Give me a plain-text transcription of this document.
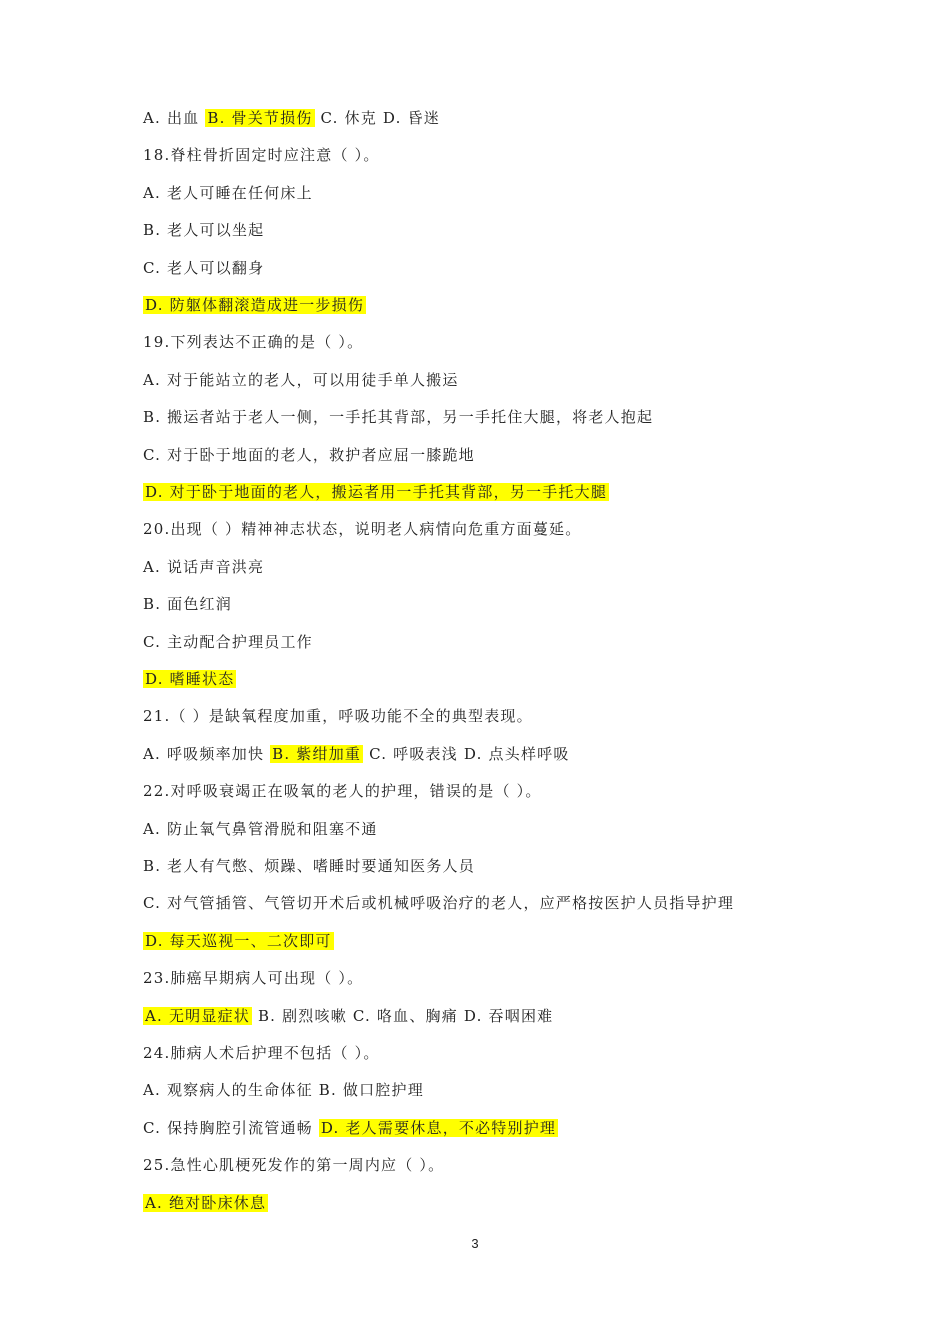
A. 出血 B. 骨关节损伤 C. 休克 D. 昏迷
18.脊柱骨折固定时应注意（ ）。
A. 老人可睡在任何床上
B. 老人可以坐起
C. 老人可以翻身
D. 防躯体翻滚造成进一步损伤
19.下列表达不正确的是（ ）。
A. 对于能站立的老人，可以用徒手单人搬运
B. 搬运者站于老人一侧，一手托其背部，另一手托住大腿，将老人抱起
C. 对于卧于地面的老人，救护者应屈一膝跪地
D. 对于卧于地面的老人，搬运者用一手托其背部，另一手托大腿
20.出现（ ）精神神志状态，说明老人病情向危重方面蔓延。
A. 说话声音洪亮
B. 面色红润
C. 主动配合护理员工作
D. 嗜睡状态
21.（ ）是缺氧程度加重，呼吸功能不全的典型表现。
A. 呼吸频率加快 B. 紫绀加重 C. 呼吸表浅 D. 点头样呼吸
22.对呼吸衰竭正在吸氧的老人的护理，错误的是（ ）。
A. 防止氧气鼻管滑脱和阻塞不通
B. 老人有气憋、烦躁、嗜睡时要通知医务人员
C. 对气管插管、气管切开术后或机械呼吸治疗的老人，应严格按医护人员指导护理
D. 每天巡视一、二次即可
23.肺癌早期病人可出现（ ）。
A. 无明显症状 B. 剧烈咳嗽 C. 咯血、胸痛 D. 吞咽困难
24.肺病人术后护理不包括（ ）。
A. 观察病人的生命体征 B. 做口腔护理
C. 保持胸腔引流管通畅 D. 老人需要休息，不必特别护理
25.急性心肌梗死发作的第一周内应（ ）。
A. 绝对卧床休息
3
